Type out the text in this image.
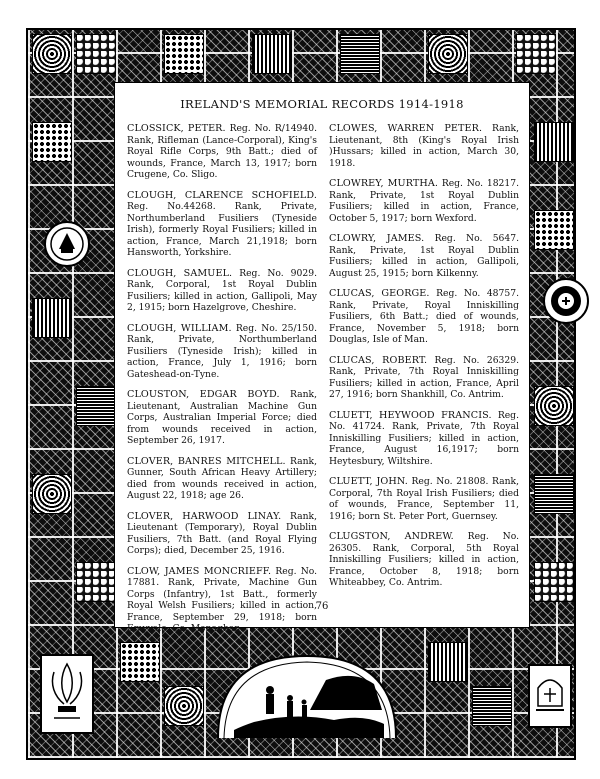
IRELAND'S MEMORIAL RECORDS 1914-1918

CLOSSICK, PETER. Reg. No. R/14940. Rank, Rifleman (Lance-Corporal), King's Royal Rifle Corps, 9th Batt.; died of wounds, France, March 13, 1917; born Crugene, Co. Sligo.

CLOUGH, CLARENCE SCHOFIELD. Reg. No.44268. Rank, Private, Northumberland Fusiliers (Tyneside Irish), formerly Royal Fusiliers; killed in action, France, March 21,1918; born Hansworth, Yorkshire.

CLOUGH, SAMUEL. Reg. No. 9029. Rank, Corporal, 1st Royal Dublin Fusiliers; killed in action, Gallipoli, May 2, 1915; born Hazelgrove, Cheshire.

CLOUGH, WILLIAM. Reg. No. 25/150. Rank, Private, Northumberland Fusiliers (Tyneside Irish); killed in action, France, July 1, 1916; born Gateshead-on-Tyne.

CLOUSTON, EDGAR BOYD. Rank, Lieutenant, Australian Machine Gun Corps, Australian Imperial Force; died from wounds received in action, September 26, 1917.

CLOVER, BANRES MITCHELL. Rank, Gunner, South African Heavy Artillery; died from wounds received in action, August 22, 1918; age 26.

CLOVER, HARWOOD LINAY. Rank, Lieutenant (Temporary), Royal Dublin Fusiliers, 7th Batt. (and Royal Flying Corps); died, December 25, 1916.

CLOW, JAMES MONCRIEFF. Reg. No. 17881. Rank, Private, Machine Gun Corps (Infantry), 1st Batt., formerly Royal Welsh Fusiliers; killed in action, France, September 29, 1918; born Emyvale, Co. Monaghan.

CLOWES, WARREN PETER. Rank, Lieutenant, 8th (King's Royal Irish )Hussars; killed in action, March 30, 1918.

CLOWREY, MURTHA. Reg. No. 18217. Rank, Private, 1st Royal Dublin Fusiliers; killed in action, France, October 5, 1917; born Wexford.

CLOWRY, JAMES. Reg. No. 5647. Rank, Private, 1st Royal Dublin Fusiliers; killed in action, Gallipoli, August 25, 1915; born Kilkenny.

CLUCAS, GEORGE. Reg. No. 48757. Rank, Private, Royal Inniskilling Fusiliers, 6th Batt.; died of wounds, France, November 5, 1918; born Douglas, Isle of Man.

CLUCAS, ROBERT. Reg. No. 26329. Rank, Private, 7th Royal Inniskilling Fusiliers; killed in action, France, April 27, 1916; born Shankhill, Co. Antrim.

CLUETT, HEYWOOD FRANCIS. Reg. No. 41724. Rank, Private, 7th Royal Inniskilling Fusiliers; killed in action, France, August 16,1917; born Heytesbury, Wiltshire.

CLUETT, JOHN. Reg. No. 21808. Rank, Corporal, 7th Royal Irish Fusiliers; died of wounds, France, September 11, 1916; born St. Peter Port, Guernsey.

CLUGSTON, ANDREW. Reg. No. 26305. Rank, Corporal, 5th Royal Inniskilling Fusiliers; killed in action, France, October 8, 1918; born Whiteabbey, Co. Antrim.

76
